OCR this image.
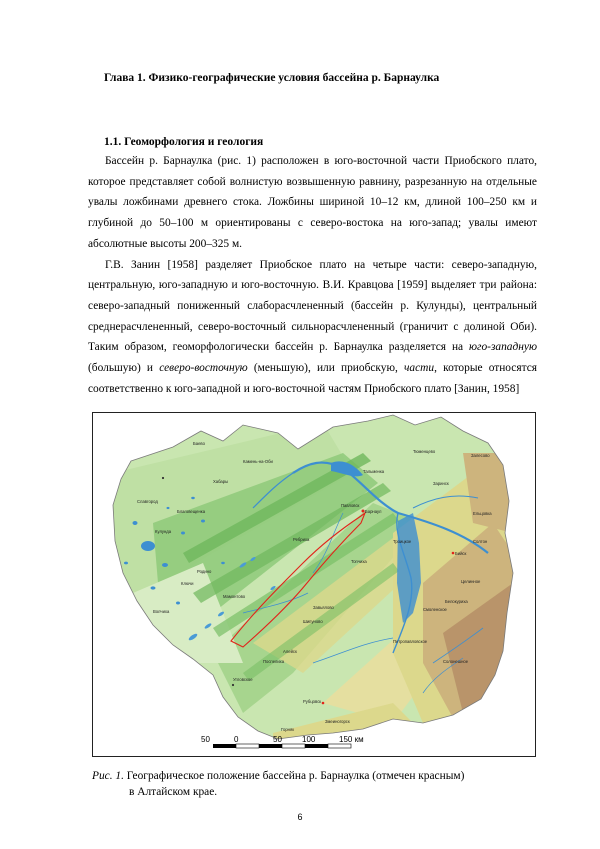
Глава 1. Физико-географические условия бассейна р. Барнаулка
1.1. Геоморфология и геология

Бассейн р. Барнаулка (рис. 1) расположен в юго-восточной части Приобского плато, которое представляет собой волнистую возвышенную равнину, разрезанную на отдельные увалы ложбинами древнего стока. Ложбины шириной 10–12 км, длиной 100–250 км и глубиной до 50–100 м ориентированы с северо-востока на юго-запад; увалы имеют абсолютные высоты 200–325 м.

Г.В. Занин [1958] разделяет Приобское плато на четыре части: северо-западную, центральную, юго-западную и юго-восточную. В.И. Кравцова [1959] выделяет три района: северо-западный пониженный слаборасчлененный (бассейн р. Кулунды), центральный среднерасчлененный, северо-восточный сильнорасчлененный (граничит с долиной Оби). Таким образом, геоморфологически бассейн р. Барнаулка разделяется на юго-западную (большую) и северо-восточную (меньшую), или приобскую, части, которые относятся соответственно к юго-западной и юго-восточной частям Приобского плато [Занин, 1958]

Павловск
Барнаул
Бийск
Заринск
Камень-на-Оби
Славгород
Кулунда
Рубцовск
Алейск
Змеиногорск
Белокуриха
Горняк
Родино
Волчиха
Ключи
Тальменка
Ребриха
Мамонтово
Топчиха
Шипуново
Угловское
Поспелиха	Солонешное
Петропавловское
Смоленское
Залесово
Ельцовка
Солтон
Троицкое
Целинное
Тюменцево
Баево
Хабары
Благовещенка
Завьялово
50	0	50	100	150 км
Рис. 1. Географическое положение бассейна р. Барнаулка (отмечен красным)
в Алтайском крае.
6
